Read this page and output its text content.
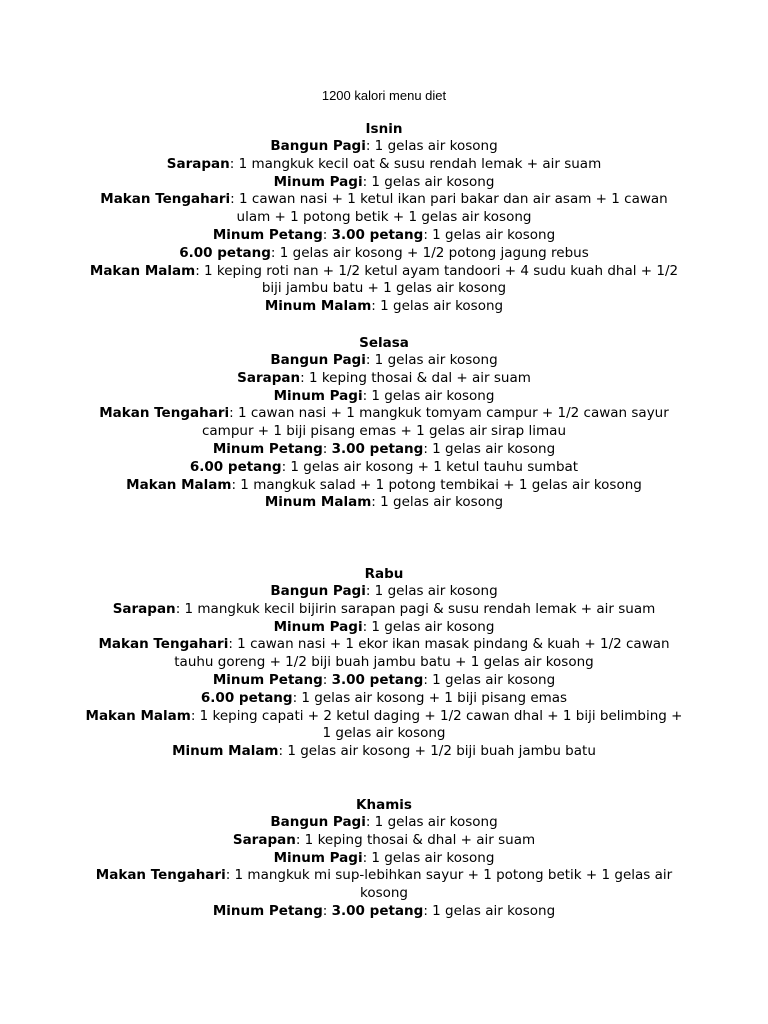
1200 kalori menu diet
Isnin
Bangun Pagi: 1 gelas air kosong
Sarapan: 1 mangkuk kecil oat & susu rendah lemak + air suam
Minum Pagi: 1 gelas air kosong
Makan Tengahari: 1 cawan nasi + 1 ketul ikan pari bakar dan air asam + 1 cawan ulam + 1 potong betik + 1 gelas air kosong
Minum Petang: 3.00 petang: 1 gelas air kosong
6.00 petang: 1 gelas air kosong + 1/2 potong jagung rebus
Makan Malam: 1 keping roti nan + 1/2 ketul ayam tandoori + 4 sudu kuah dhal + 1/2 biji jambu batu + 1 gelas air kosong
Minum Malam: 1 gelas air kosong
Selasa
Bangun Pagi: 1 gelas air kosong
Sarapan: 1 keping thosai & dal + air suam
Minum Pagi: 1 gelas air kosong
Makan Tengahari: 1 cawan nasi + 1 mangkuk tomyam campur + 1/2 cawan sayur campur + 1 biji pisang emas + 1 gelas air sirap limau
Minum Petang: 3.00 petang: 1 gelas air kosong
6.00 petang: 1 gelas air kosong + 1 ketul tauhu sumbat
Makan Malam: 1 mangkuk salad + 1 potong tembikai + 1 gelas air kosong
Minum Malam: 1 gelas air kosong
Rabu
Bangun Pagi: 1 gelas air kosong
Sarapan: 1 mangkuk kecil bijirin sarapan pagi & susu rendah lemak + air suam
Minum Pagi: 1 gelas air kosong
Makan Tengahari: 1 cawan nasi + 1 ekor ikan masak pindang & kuah + 1/2 cawan tauhu goreng + 1/2 biji buah jambu batu + 1 gelas air kosong
Minum Petang: 3.00 petang: 1 gelas air kosong
6.00 petang: 1 gelas air kosong + 1 biji pisang emas
Makan Malam: 1 keping capati + 2 ketul daging + 1/2 cawan dhal + 1 biji belimbing + 1 gelas air kosong
Minum Malam: 1 gelas air kosong + 1/2 biji buah jambu batu
Khamis
Bangun Pagi: 1 gelas air kosong
Sarapan: 1 keping thosai & dhal + air suam
Minum Pagi: 1 gelas air kosong
Makan Tengahari: 1 mangkuk mi sup-lebihkan sayur + 1 potong betik + 1 gelas air kosong
Minum Petang: 3.00 petang: 1 gelas air kosong
